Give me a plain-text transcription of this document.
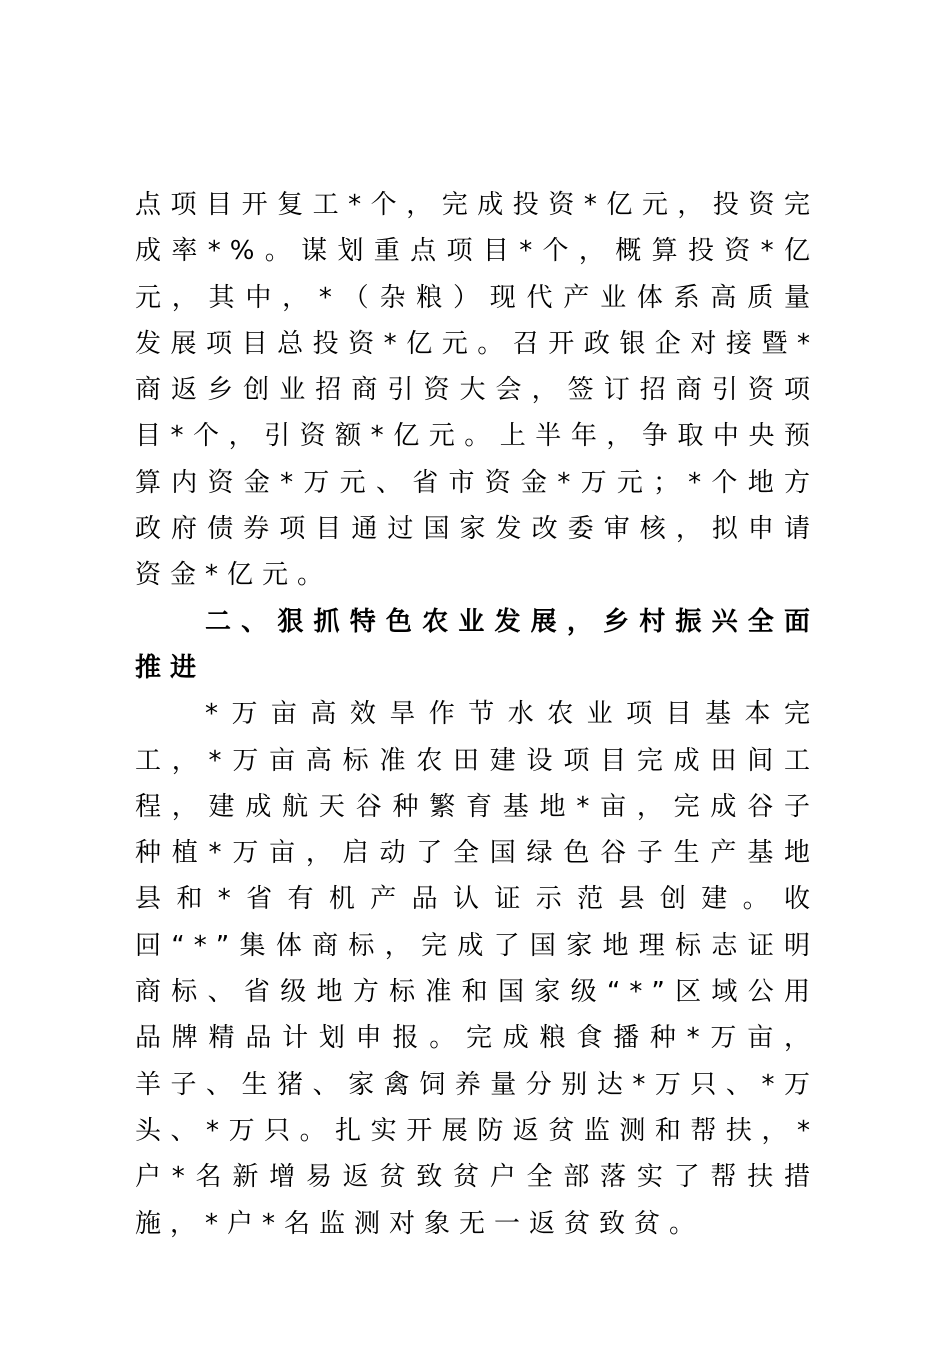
点项目开复工*个，完成投资*亿元，投资完成率*%。谋划重点项目*个，概算投资*亿元，其中，*（杂粮）现代产业体系高质量发展项目总投资*亿元。召开政银企对接暨*商返乡创业招商引资大会，签订招商引资项目*个，引资额*亿元。上半年，争取中央预算内资金*万元、省市资金*万元；*个地方政府债券项目通过国家发改委审核，拟申请资金*亿元。

二、狠抓特色农业发展，乡村振兴全面推进

*万亩高效旱作节水农业项目基本完工，*万亩高标准农田建设项目完成田间工程，建成航天谷种繁育基地*亩，完成谷子种植*万亩，启动了全国绿色谷子生产基地县和*省有机产品认证示范县创建。收回“*”集体商标，完成了国家地理标志证明商标、省级地方标准和国家级“*”区域公用品牌精品计划申报。完成粮食播种*万亩，羊子、生猪、家禽饲养量分别达*万只、*万头、*万只。扎实开展防返贫监测和帮扶，*户*名新增易返贫致贫户全部落实了帮扶措施，*户*名监测对象无一返贫致贫。
